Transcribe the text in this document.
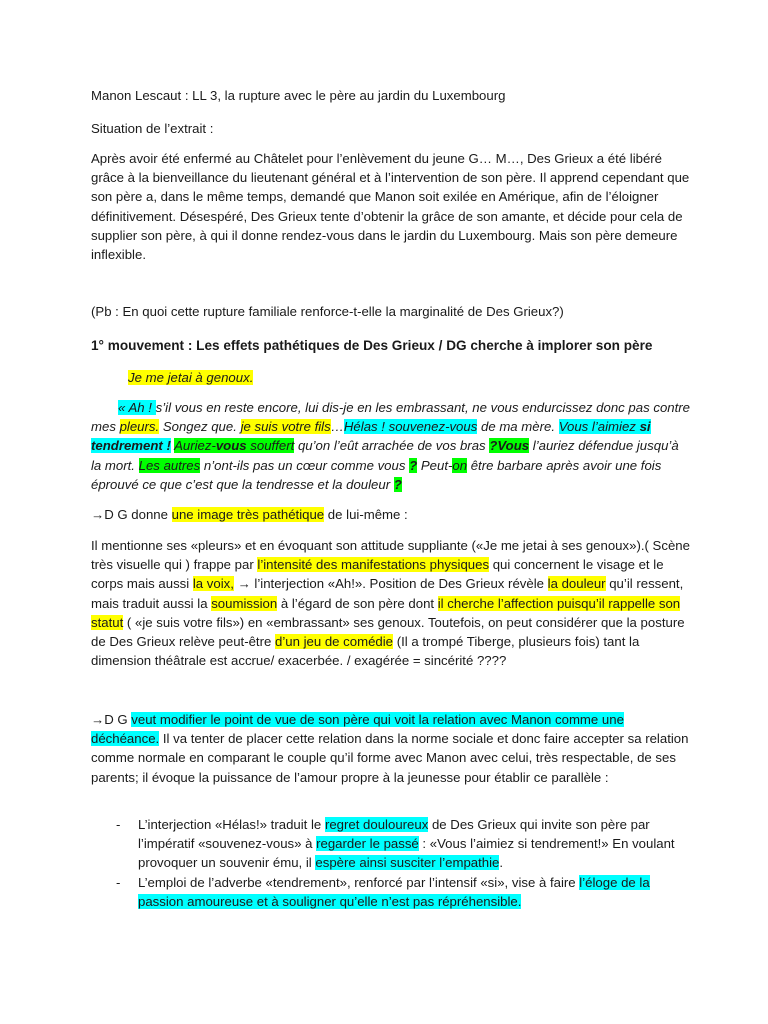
Manon Lescaut : LL 3, la rupture avec le père au jardin du Luxembourg

Situation de l’extrait :

Après avoir été enfermé au Châtelet pour l’enlèvement du jeune G… M…, Des Grieux a été libéré grâce à la bienveillance du lieutenant général et à l’intervention de son père. Il apprend cependant que son père a, dans le même temps, demandé que Manon soit exilée en Amérique, afin de l’éloigner définitivement. Désespéré, Des Grieux tente d’obtenir la grâce de son amante, et décide pour cela de supplier son père, à qui il donne rendez-vous dans le jardin du Luxembourg. Mais son père demeure inflexible.

(Pb : En quoi cette rupture familiale renforce-t-elle la marginalité de Des Grieux?)

1° mouvement : Les effets pathétiques de Des Grieux / DG cherche à implorer son père

Je me jetai à genoux.

« Ah ! s’il vous en reste encore, lui dis-je en les embrassant, ne vous endurcissez donc pas contre mes pleurs. Songez que. je suis votre fils…Hélas ! souvenez-vous de ma mère. Vous l’aimiez si tendrement ! Auriez-vous souffert qu’on l’eût arrachée de vos bras ?Vous l’auriez défendue jusqu’à la mort. Les autres n’ont-ils pas un cœur comme vous ? Peut-on être barbare après avoir une fois éprouvé ce que c’est que la tendresse et la douleur ?

→D G donne une image très pathétique de lui-même :

Il mentionne ses «pleurs» et en évoquant son attitude suppliante («Je me jetai à ses genoux»).( Scène très visuelle qui ) frappe par l’intensité des manifestations physiques qui concernent le visage et le corps mais aussi la voix, → l’interjection «Ah!». Position de Des Grieux révèle la douleur qu’il ressent, mais traduit aussi la soumission à l’égard de son père dont il cherche l’affection puisqu’il rappelle son statut ( «je suis votre fils») en «embrassant» ses genoux. Toutefois, on peut considérer que la posture de Des Grieux relève peut-être d’un jeu de comédie (Il a trompé Tiberge, plusieurs fois) tant la dimension théâtrale est accrue/ exacerbée. / exagérée = sincérité ????

→D G veut modifier le point de vue de son père qui voit la relation avec Manon comme une déchéance. Il va tenter de placer cette relation dans la norme sociale et donc faire accepter sa relation comme normale en comparant le couple qu’il forme avec Manon avec celui, très respectable, de ses parents; il évoque la puissance de l’amour propre à la jeunesse pour établir ce parallèle :

- L’interjection «Hélas!» traduit le regret douloureux de Des Grieux qui invite son père par l’impératif «souvenez-vous» à regarder le passé : «Vous l’aimiez si tendrement!» En voulant provoquer un souvenir ému, il espère ainsi susciter l’empathie.
- L’emploi de l’adverbe «tendrement», renforcé par l’intensif «si», vise à faire l’éloge de la passion amoureuse et à souligner qu’elle n’est pas répréhensible.
